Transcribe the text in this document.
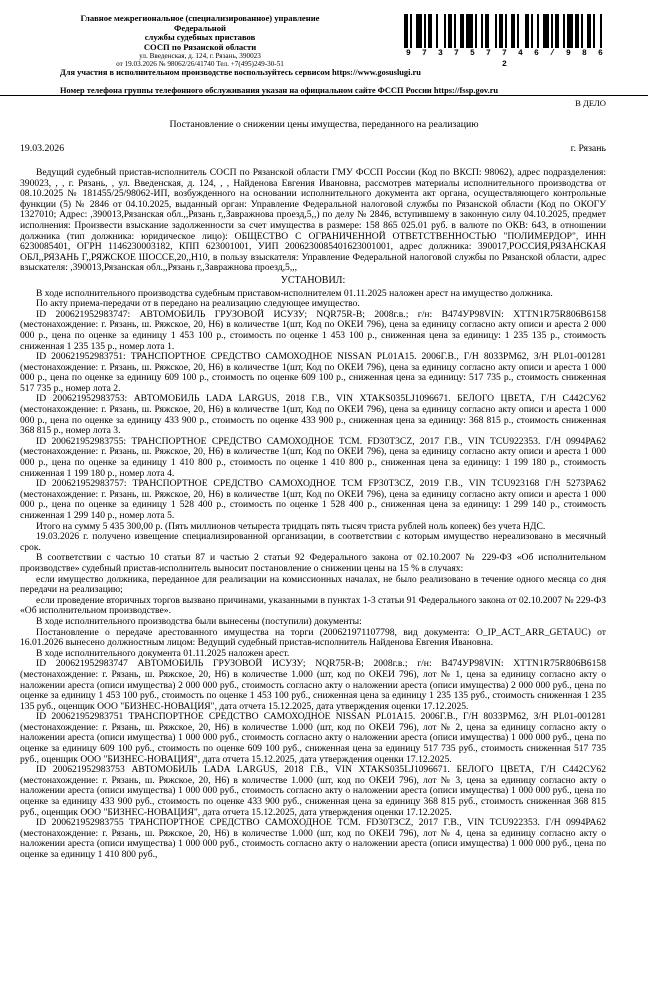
Главное межрегиональное (специализированное) управление Федеральной
службы судебных приставов
СОСП по Рязанской области
ул. Введенская, д. 124, г. Рязань, 390023
от 19.03.2026 № 98062/26/41740 Тел. +7(495)249-30-51
9 7 3 7 5 7 7 4 6 / 9 8 6 2
Для участия в исполнительном производстве воспользуйтесь сервисом https://www.gosuslugi.ru
Номер телефона группы телефонного обслуживания указан на официальном сайте ФССП России https://fssp.gov.ru
В ДЕЛО
Постановление о снижении цены имущества, переданного на реализацию
19.03.2026	г. Рязань

Ведущий судебный пристав-исполнитель СОСП по Рязанской области ГМУ ФССП России (Код по ВКСП: 98062), адрес подразделения: 390023, , , г. Рязань, , ул. Введенская, д. 124, , , Найденова Евгения Ивановна, рассмотрев материалы исполнительного производства от 08.10.2025 № 181455/25/98062-ИП, возбужденного на основании исполнительного документа акт органа, осуществляющего контрольные функции (5) № 2846 от 04.10.2025, выданный орган: Управление Федеральной налоговой службы по Рязанской области (Код по ОКОГУ 1327010; Адрес: ,390013,Рязанская обл.,,Рязань г,,Завражнова проезд,5,,) по делу № 2846, вступившему в законную силу 04.10.2025, предмет исполнения: Произвести взыскание задолженности за счет имущества в размере: 158 865 025.01 руб. в валюте по ОКВ: 643, в отношении должника (тип должника: юридическое лицо): ОБЩЕСТВО С ОГРАНИЧЕННОЙ ОТВЕТСТВЕННОСТЬЮ "ПОЛИМЕРДОР", ИНН 6230085401, ОГРН 1146230003182, КПП 623001001, УИП 2006230085401623001001, адрес должника: 390017,РОССИЯ,РЯЗАНСКАЯ ОБЛ,,РЯЗАНЬ Г,,РЯЖСКОЕ ШОССЕ,20,,Н10, в пользу взыскателя: Управление Федеральной налоговой службы по Рязанской области, адрес взыскателя: ,390013,Рязанская обл.,,Рязань г,,Завражнова проезд,5,,,

УСТАНОВИЛ:

В ходе исполнительного производства судебным приставом-исполнителем 01.11.2025 наложен арест на имущество должника.

По акту приема-передачи от в передано на реализацию следующее имущество.

ID 200621952983747: АВТОМОБИЛЬ ГРУЗОВОЙ ИСУЗУ; NQR75R-B; 2008г.в.; г/н: В474УР98VIN: XTTN1R75R806B6158 (местонахождение: г. Рязань, ш. Ряжское, 20, Н6) в количестве 1(шт, Код по ОКЕИ 796), цена за единицу согласно акту описи и ареста 2 000 000 р., цена по оценке за единицу 1 453 100 р., стоимость по оценке 1 453 100 р., сниженная цена за единицу: 1 235 135 р., стоимость сниженная 1 235 135 р., номер лота 1.

ID 200621952983751: ТРАНСПОРТНОЕ СРЕДСТВО САМОХОДНОЕ NISSAN PL01A15. 2006Г.В., Г/Н 8033РМ62, З/Н PL01-001281 (местонахождение: г. Рязань, ш. Ряжское, 20, Н6) в количестве 1(шт, Код по ОКЕИ 796), цена за единицу согласно акту описи и ареста 1 000 000 р., цена по оценке за единицу 609 100 р., стоимость по оценке 609 100 р., сниженная цена за единицу: 517 735 р., стоимость сниженная 517 735 р., номер лота 2.

ID 200621952983753: АВТОМОБИЛЬ LADA LARGUS, 2018 Г.В., VIN XTAKS035LJ1096671. БЕЛОГО ЦВЕТА, Г/Н С442СУ62 (местонахождение: г. Рязань, ш. Ряжское, 20, Н6) в количестве 1(шт, Код по ОКЕИ 796), цена за единицу согласно акту описи и ареста 1 000 000 р., цена по оценке за единицу 433 900 р., стоимость по оценке 433 900 р., сниженная цена за единицу: 368 815 р., стоимость сниженная 368 815 р., номер лота 3.

ID 200621952983755: ТРАНСПОРТНОЕ СРЕДСТВО САМОХОДНОЕ TCM. FD30T3CZ, 2017 Г.В., VIN TCU922353. Г/Н 0994РА62 (местонахождение: г. Рязань, ш. Ряжское, 20, Н6) в количестве 1(шт, Код по ОКЕИ 796), цена за единицу согласно акту описи и ареста 1 000 000 р., цена по оценке за единицу 1 410 800 р., стоимость по оценке 1 410 800 р., сниженная цена за единицу: 1 199 180 р., стоимость сниженная 1 199 180 р., номер лота 4.

ID 200621952983757: ТРАНСПОРТНОЕ СРЕДСТВО САМОХОДНОЕ TCM FP30T3CZ, 2019 Г.В., VIN TCU923168 Г/Н 5273РА62 (местонахождение: г. Рязань, ш. Ряжское, 20, Н6) в количестве 1(шт, Код по ОКЕИ 796), цена за единицу согласно акту описи и ареста 1 000 000 р., цена по оценке за единицу 1 528 400 р., стоимость по оценке 1 528 400 р., сниженная цена за единицу: 1 299 140 р., стоимость сниженная 1 299 140 р., номер лота 5.

Итого на сумму 5 435 300,00 р. (Пять миллионов четыреста тридцать пять тысяч триста рублей ноль копеек) без учета НДС.

19.03.2026 г. получено извещение специализированной организации, в соответствии с которым имущество нереализовано в месячный срок.

В соответствии с частью 10 статьи 87 и частью 2 статьи 92 Федерального закона от 02.10.2007 № 229-ФЗ «Об исполнительном производстве» судебный пристав-исполнитель выносит постановление о снижении цены на 15 % в случаях:

если имущество должника, переданное для реализации на комиссионных началах, не было реализовано в течение одного месяца со дня передачи на реализацию;

если проведение вторичных торгов вызвано причинами, указанными в пунктах 1-3 статьи 91 Федерального закона от 02.10.2007 № 229-ФЗ «Об исполнительном производстве».

В ходе исполнительного производства были вынесены (поступили) документы:

Постановление о передаче арестованного имущества на торги (200621971107798, вид документа: O_IP_ACT_ARR_GETAUC) от 16.01.2026 вынесено должностным лицом: Ведущий судебный пристав-исполнитель Найденова Евгения Ивановна.

В ходе исполнительного документа 01.11.2025 наложен арест.

ID 200621952983747 АВТОМОБИЛЬ ГРУЗОВОЙ ИСУЗУ; NQR75R-B; 2008г.в.; г/н: В474УР98VIN: XTTN1R75R806B6158 (местонахождение: г. Рязань, ш. Ряжское, 20, Н6) в количестве 1.000 (шт, код по ОКЕИ 796), лот № 1, цена за единицу согласно акту о наложении ареста (описи имущества) 2 000 000 руб., стоимость согласно акту о наложении ареста (описи имущества) 2 000 000 руб., цена по оценке за единицу 1 453 100 руб., стоимость по оценке 1 453 100 руб., сниженная цена за единицу 1 235 135 руб., стоимость сниженная 1 235 135 руб., оценщик ООО "БИЗНЕС-НОВАЦИЯ", дата отчета 15.12.2025, дата утверждения оценки 17.12.2025.

ID 200621952983751 ТРАНСПОРТНОЕ СРЕДСТВО САМОХОДНОЕ NISSAN PL01A15. 2006Г.В., Г/Н 8033РМ62, З/Н PL01-001281 (местонахождение: г. Рязань, ш. Ряжское, 20, Н6) в количестве 1.000 (шт, код по ОКЕИ 796), лот № 2, цена за единицу согласно акту о наложении ареста (описи имущества) 1 000 000 руб., стоимость согласно акту о наложении ареста (описи имущества) 1 000 000 руб., цена по оценке за единицу 609 100 руб., стоимость по оценке 609 100 руб., сниженная цена за единицу 517 735 руб., стоимость сниженная 517 735 руб., оценщик ООО "БИЗНЕС-НОВАЦИЯ", дата отчета 15.12.2025, дата утверждения оценки 17.12.2025.

ID 200621952983753 АВТОМОБИЛЬ LADA LARGUS, 2018 Г.В., VIN XTAKS035LJ1096671. БЕЛОГО ЦВЕТА, Г/Н С442СУ62 (местонахождение: г. Рязань, ш. Ряжское, 20, Н6) в количестве 1.000 (шт, код по ОКЕИ 796), лот № 3, цена за единицу согласно акту о наложении ареста (описи имущества) 1 000 000 руб., стоимость согласно акту о наложении ареста (описи имущества) 1 000 000 руб., цена по оценке за единицу 433 900 руб., стоимость по оценке 433 900 руб., сниженная цена за единицу 368 815 руб., стоимость сниженная 368 815 руб., оценщик ООО "БИЗНЕС-НОВАЦИЯ", дата отчета 15.12.2025, дата утверждения оценки 17.12.2025.

ID 200621952983755 ТРАНСПОРТНОЕ СРЕДСТВО САМОХОДНОЕ TCM. FD30T3CZ, 2017 Г.В., VIN TCU922353. Г/Н 0994РА62 (местонахождение: г. Рязань, ш. Ряжское, 20, Н6) в количестве 1.000 (шт, код по ОКЕИ 796), лот № 4, цена за единицу согласно акту о наложении ареста (описи имущества) 1 000 000 руб., стоимость согласно акту о наложении ареста (описи имущества) 1 000 000 руб., цена по оценке за единицу 1 410 800 руб.,
